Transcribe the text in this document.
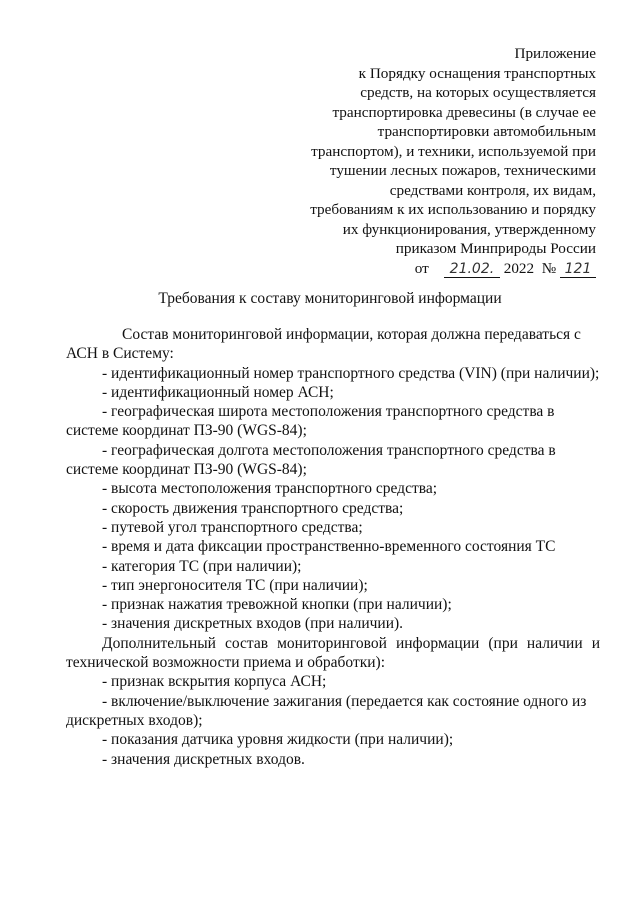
Приложение
к Порядку оснащения транспортных
средств, на которых осуществляется
транспортировка древесины (в случае ее
транспортировки автомобильным
транспортом), и техники, используемой при
тушении лесных пожаров, техническими
средствами контроля, их видам,
требованиям к их использованию и порядку
их функционирования, утвержденному
приказом Минприроды России
от 21.02. 2022 № 121
Требования к составу мониторинговой информации
Состав мониторинговой информации, которая должна передаваться с АСН в Систему:
- идентификационный номер транспортного средства (VIN) (при наличии);
- идентификационный номер АСН;
- географическая широта местоположения транспортного средства в системе координат ПЗ-90 (WGS-84);
- географическая долгота местоположения транспортного средства в системе координат ПЗ-90 (WGS-84);
- высота местоположения транспортного средства;
- скорость движения транспортного средства;
- путевой угол транспортного средства;
- время и дата фиксации пространственно-временного состояния ТС
- категория ТС (при наличии);
- тип энергоносителя ТС (при наличии);
- признак нажатия тревожной кнопки (при наличии);
- значения дискретных входов (при наличии).
Дополнительный состав мониторинговой информации (при наличии и технической возможности приема и обработки):
- признак вскрытия корпуса АСН;
- включение/выключение зажигания (передается как состояние одного из дискретных входов);
- показания датчика уровня жидкости (при наличии);
- значения дискретных входов.
